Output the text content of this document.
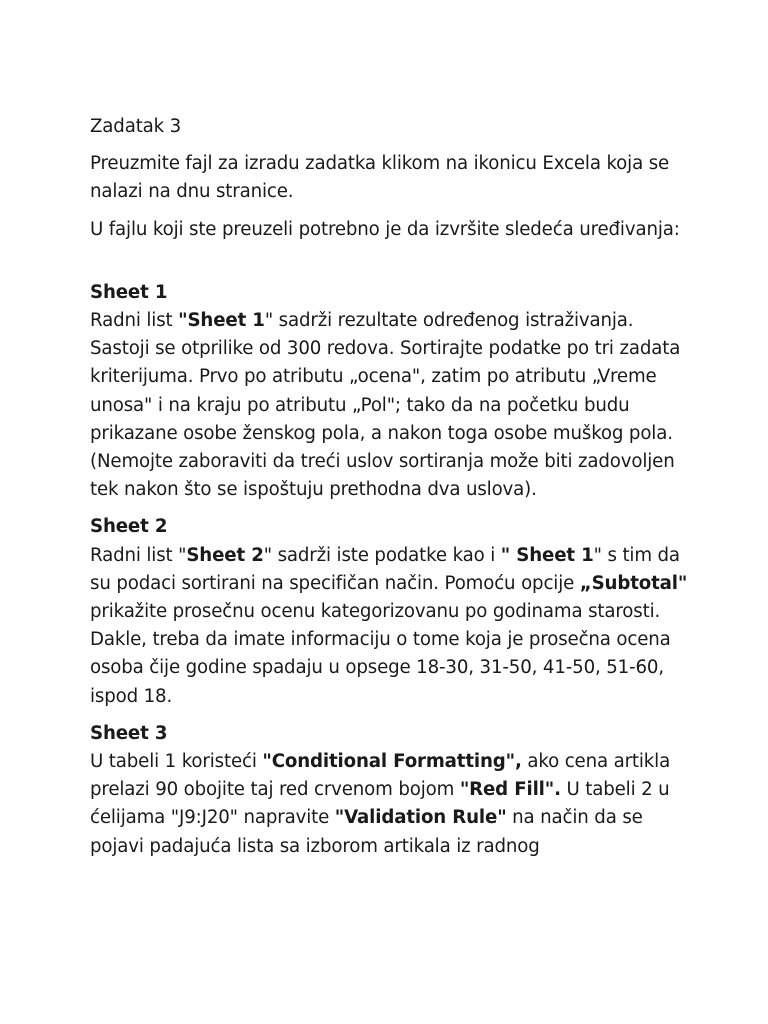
Zadatak 3

Preuzmite fajl za izradu zadatka klikom na ikonicu Excela koja se nalazi na dnu stranice.

U fajlu koji ste preuzeli potrebno je da izvršite sledeća uređivanja:

Sheet 1
Radni list "Sheet 1" sadrži rezultate određenog istraživanja. Sastoji se otprilike od 300 redova. Sortirajte podatke po tri zadata kriterijuma. Prvo po atributu „ocena", zatim po atributu „Vreme unosa" i na kraju po atributu „Pol"; tako da na početku budu prikazane osobe ženskog pola, a nakon toga osobe muškog pola. (Nemojte zaboraviti da treći uslov sortiranja može biti zadovoljen tek nakon što se ispoštuju prethodna dva uslova).
Sheet 2
Radni list "Sheet 2" sadrži iste podatke kao i " Sheet 1" s tim da su podaci sortirani na specifičan način. Pomoću opcije „Subtotal" prikažite prosečnu ocenu kategorizovanu po godinama starosti. Dakle, treba da imate informaciju o tome koja je prosečna ocena osoba čije godine spadaju u opsege 18-30, 31-50, 41-50, 51-60, ispod 18.
Sheet 3
U tabeli 1 koristeći "Conditional Formatting", ako cena artikla prelazi 90 obojite taj red crvenom bojom "Red Fill". U tabeli 2 u ćelijama "J9:J20" napravite "Validation Rule" na način da se pojavi padajuća lista sa izborom artikala iz radnog
